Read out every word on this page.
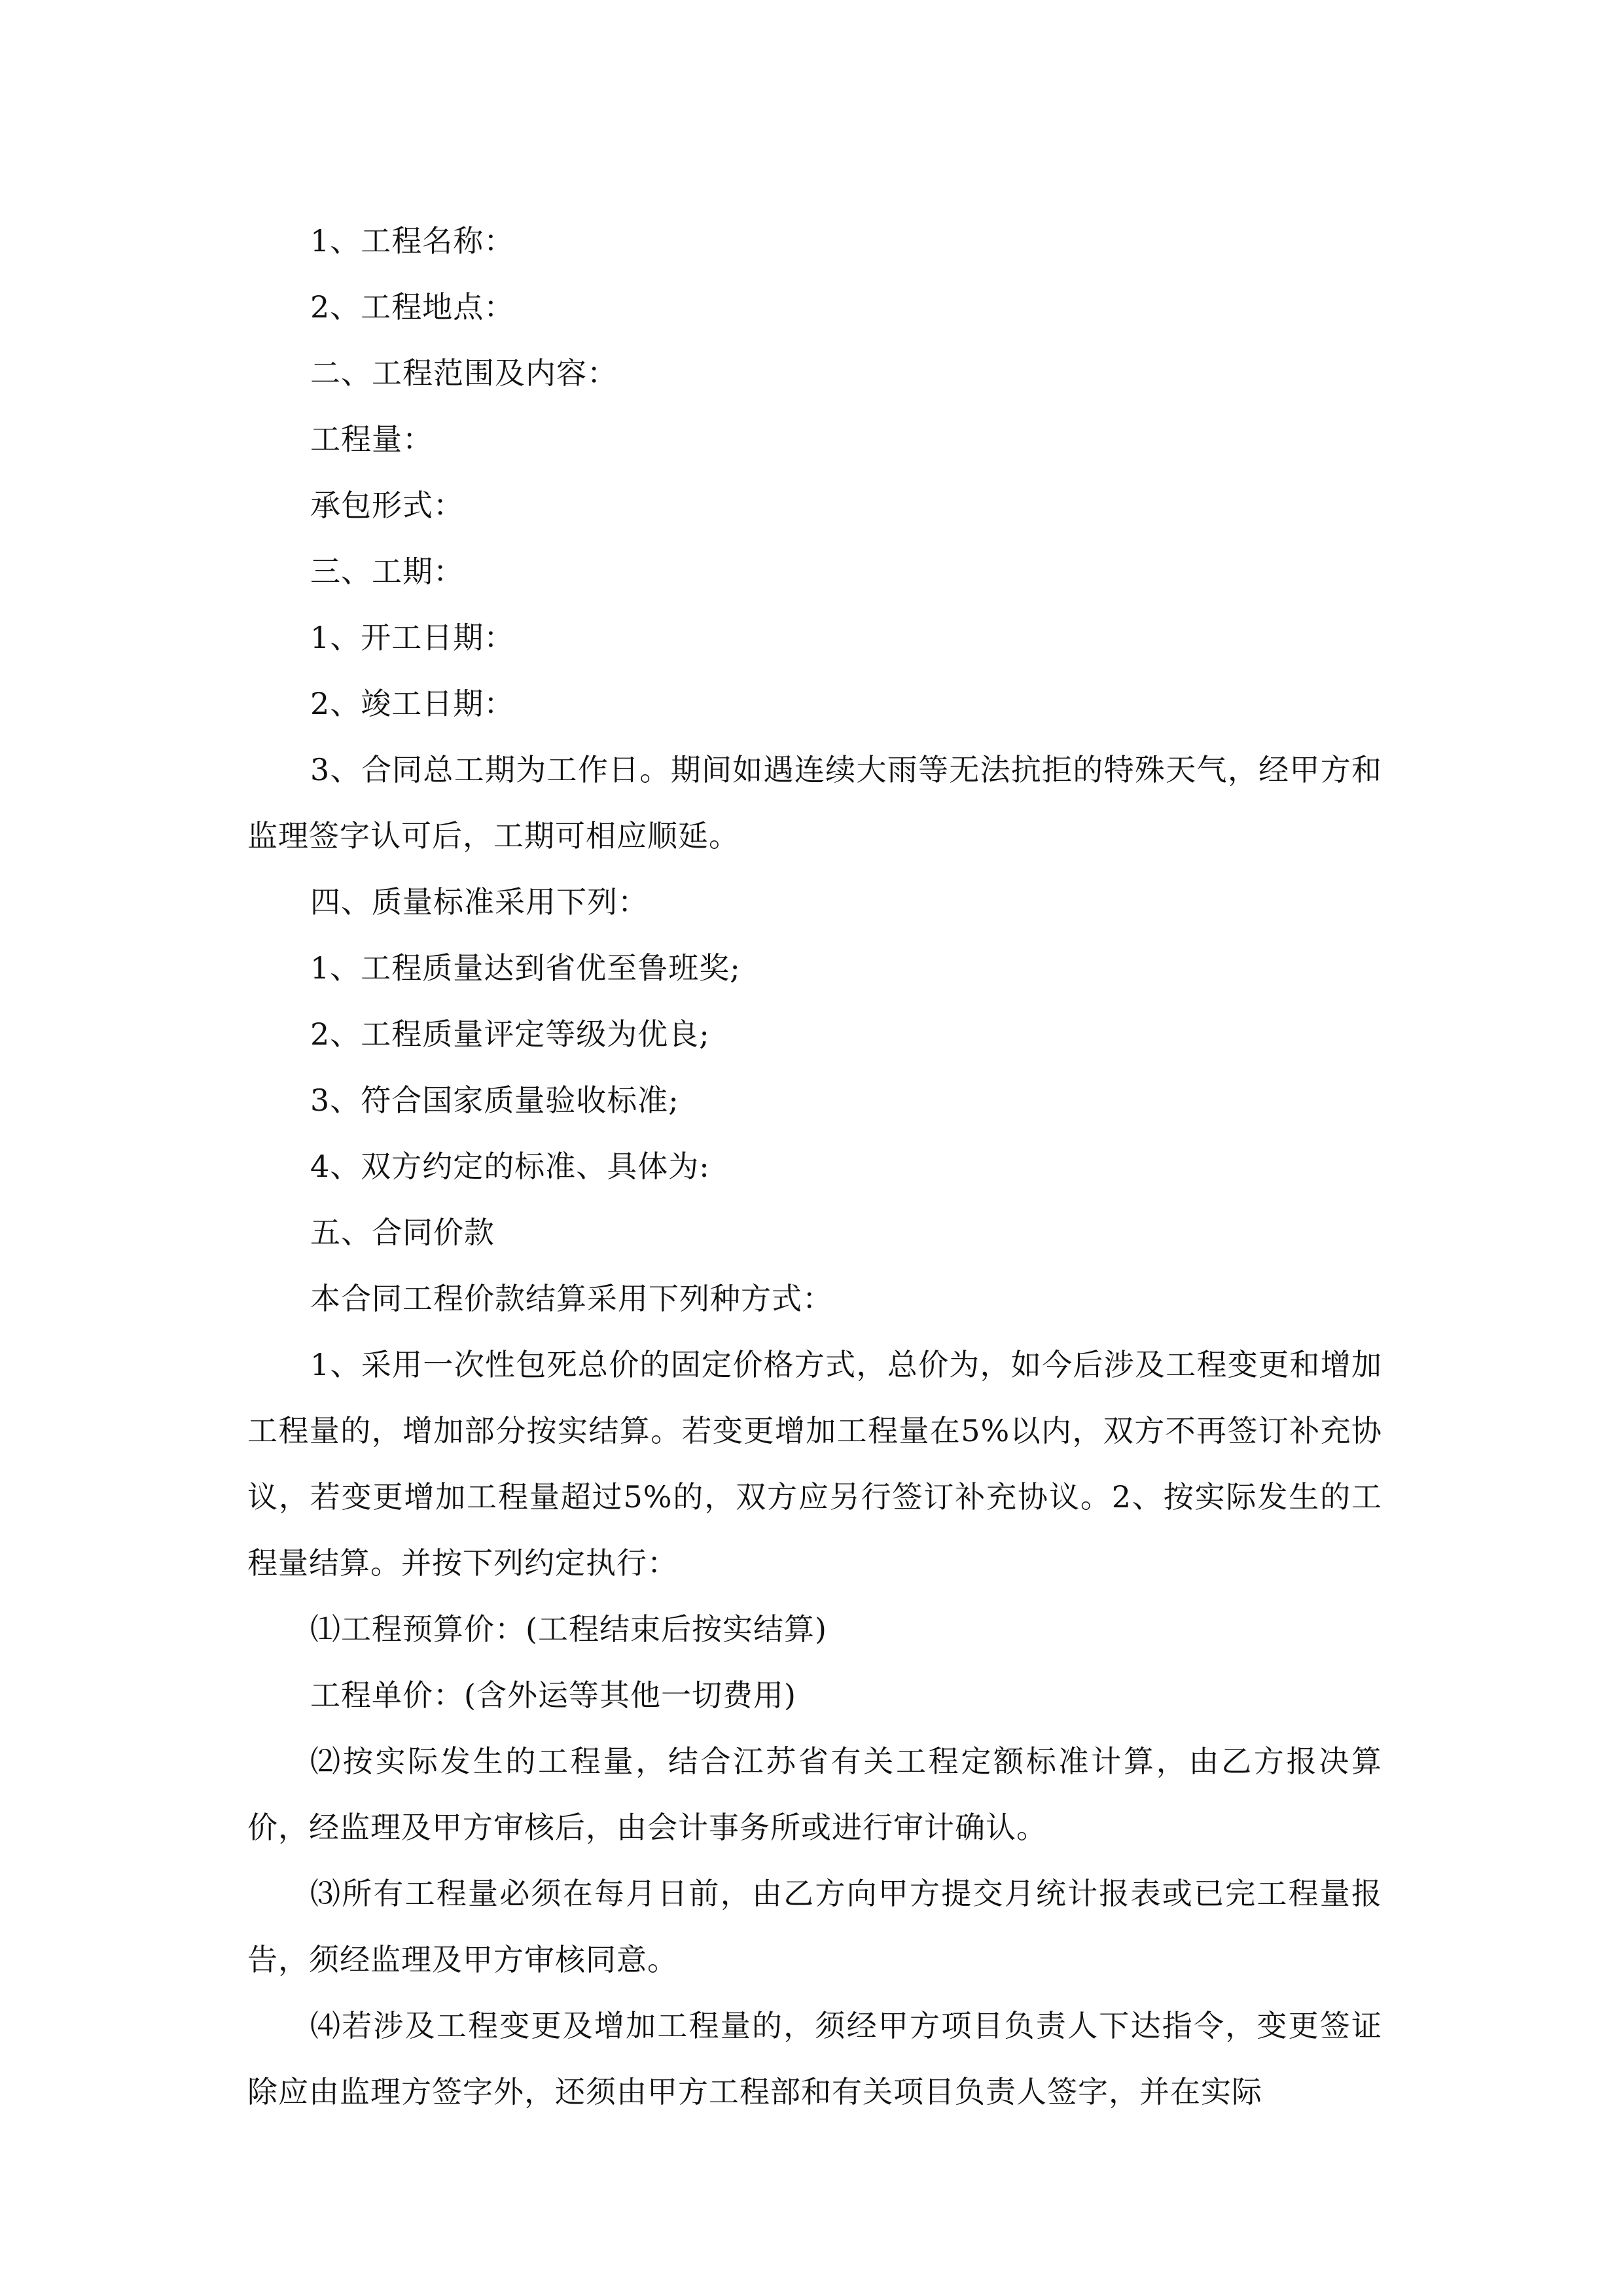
1、工程名称：

2、工程地点：

二、工程范围及内容：

工程量：

承包形式：

三、工期：

1、开工日期：

2、竣工日期：

3、合同总工期为工作日。期间如遇连续大雨等无法抗拒的特殊天气，经甲方和监理签字认可后，工期可相应顺延。

四、质量标准采用下列：

1、工程质量达到省优至鲁班奖;

2、工程质量评定等级为优良;

3、符合国家质量验收标准;

4、双方约定的标准、具体为:

五、合同价款

本合同工程价款结算采用下列种方式：

1、采用一次性包死总价的固定价格方式，总价为，如今后涉及工程变更和增加工程量的，增加部分按实结算。若变更增加工程量在5%以内，双方不再签订补充协议，若变更增加工程量超过5%的，双方应另行签订补充协议。2、按实际发生的工程量结算。并按下列约定执行：

⑴工程预算价：(工程结束后按实结算)

工程单价：(含外运等其他一切费用)

⑵按实际发生的工程量，结合江苏省有关工程定额标准计算，由乙方报决算价，经监理及甲方审核后，由会计事务所或进行审计确认。

⑶所有工程量必须在每月日前，由乙方向甲方提交月统计报表或已完工程量报告，须经监理及甲方审核同意。

⑷若涉及工程变更及增加工程量的，须经甲方项目负责人下达指令，变更签证除应由监理方签字外，还须由甲方工程部和有关项目负责人签字，并在实际
